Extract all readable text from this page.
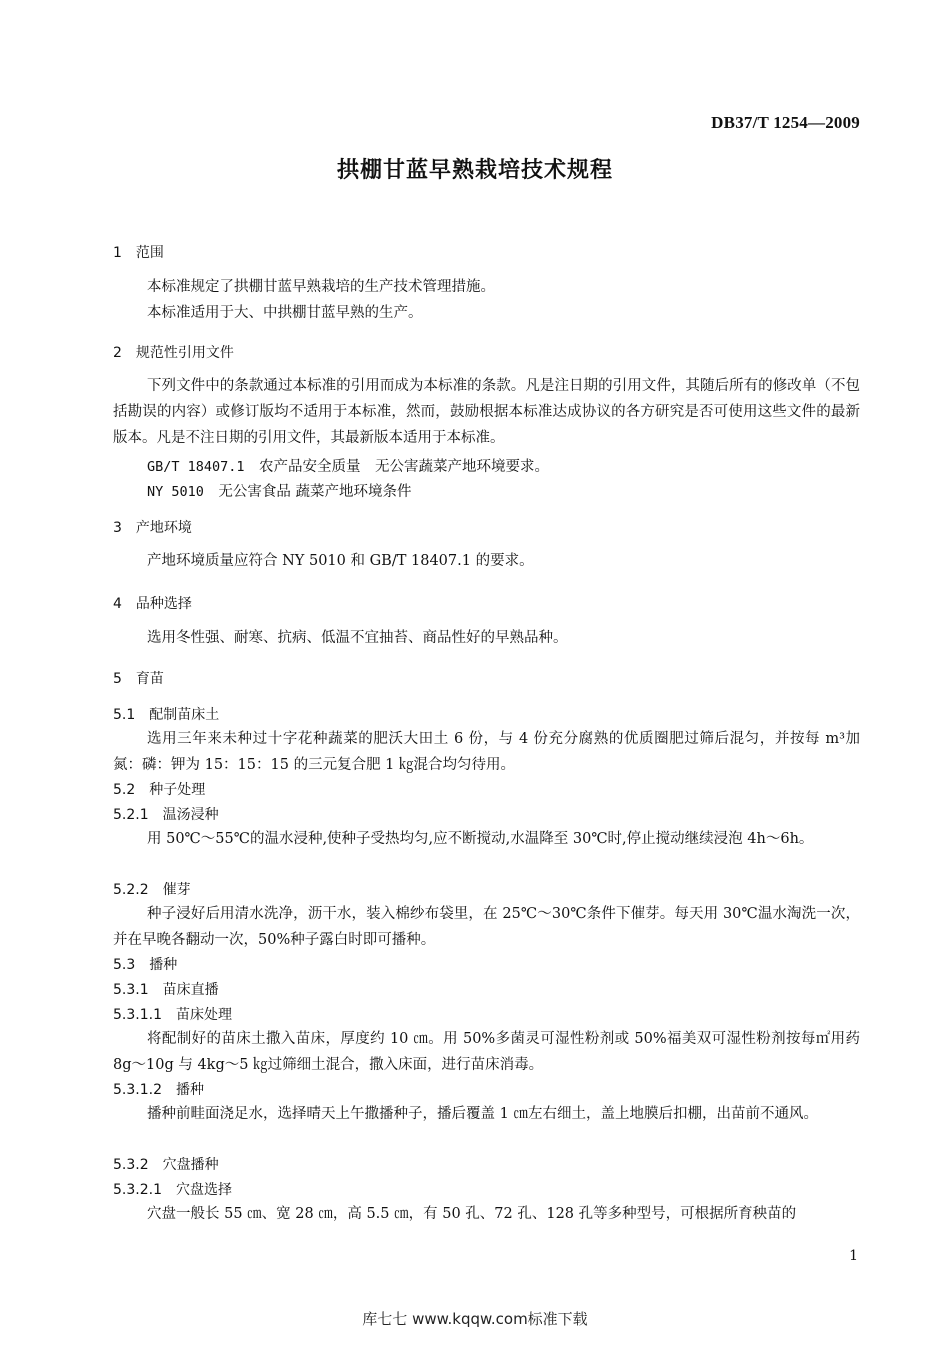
DB37/T 1254—2009
拱棚甘蓝早熟栽培技术规程
1 范围
本标准规定了拱棚甘蓝早熟栽培的生产技术管理措施。
本标准适用于大、中拱棚甘蓝早熟的生产。
2 规范性引用文件
下列文件中的条款通过本标准的引用而成为本标准的条款。凡是注日期的引用文件，其随后所有的修改单（不包括勘误的内容）或修订版均不适用于本标准，然而，鼓励根据本标准达成协议的各方研究是否可使用这些文件的最新版本。凡是不注日期的引用文件，其最新版本适用于本标准。
GB/T 18407.1　 农产品安全质量　无公害蔬菜产地环境要求。
NY 5010　 无公害食品 蔬菜产地环境条件
3 产地环境
产地环境质量应符合 NY 5010 和 GB/T 18407.1 的要求。
4 品种选择
选用冬性强、耐寒、抗病、低温不宜抽苔、商品性好的早熟品种。
5 育苗
5.1 配制苗床土
选用三年来未种过十字花种蔬菜的肥沃大田土 6 份，与 4 份充分腐熟的优质圈肥过筛后混匀，并按每 m³加氮：磷：钾为 15：15：15 的三元复合肥 1 ㎏混合均匀待用。
5.2 种子处理
5.2.1 温汤浸种
用 50℃～55℃的温水浸种,使种子受热均匀,应不断搅动,水温降至 30℃时,停止搅动继续浸泡 4h～6h。
5.2.2 催芽
种子浸好后用清水洗净，沥干水，装入棉纱布袋里，在 25℃～30℃条件下催芽。每天用 30℃温水淘洗一次，并在早晚各翻动一次，50%种子露白时即可播种。
5.3 播种
5.3.1 苗床直播
5.3.1.1 苗床处理
将配制好的苗床土撒入苗床，厚度约 10 ㎝。用 50%多菌灵可湿性粉剂或 50%福美双可湿性粉剂按每㎡用药 8g～10g 与 4kg～5 ㎏过筛细土混合，撒入床面，进行苗床消毒。
5.3.1.2 播种
播种前畦面浇足水，选择晴天上午撒播种子，播后覆盖 1 ㎝左右细土，盖上地膜后扣棚，出苗前不通风。
5.3.2 穴盘播种
5.3.2.1 穴盘选择
穴盘一般长 55 ㎝、宽 28 ㎝，高 5.5 ㎝，有 50 孔、72 孔、128 孔等多种型号，可根据所育秧苗的
1
库七七 www.kqqw.com标准下载
